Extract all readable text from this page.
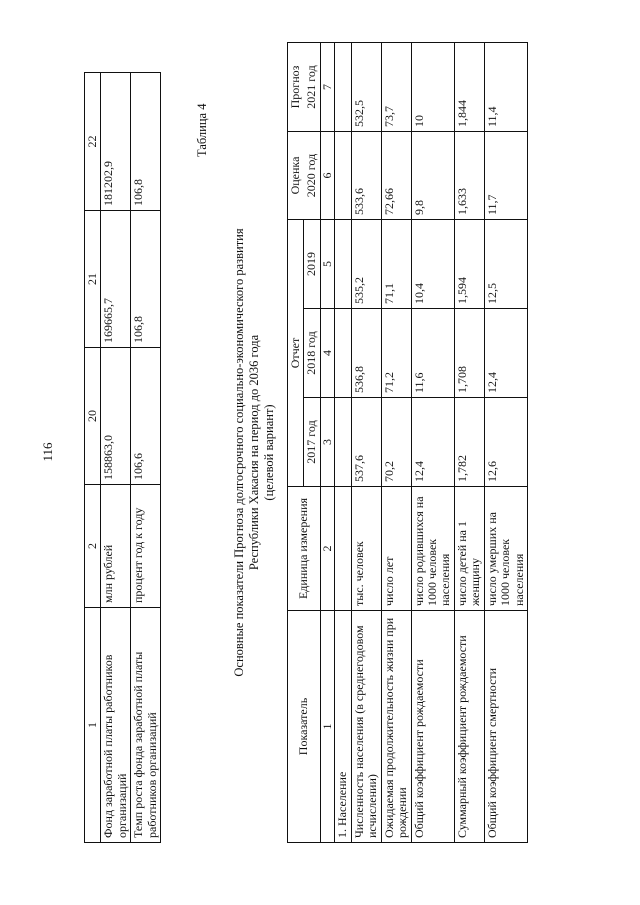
116
1	2	20	21	22
Фонд заработной платы работников организаций	млн рублей	158863,0	169665,7	181202,9
Темп роста фонда заработной платы работников организаций	процент год к году	106,6	106,8	106,8
Таблица 4
Основные показатели Прогноза долгосрочного социально-экономического развития Республики Хакасия на период до 2036 года (целевой вариант)
Показатель	Единица измерения	Отчет			Оценка	Прогноз
		2017 год	2018 год	2019	2020 год	2021 год
1	2	3	4	5	6	7
1. Население						
Численность населения (в среднегодовом исчислении)	тыс. человек	537,6	536,8	535,2	533,6	532,5
Ожидаемая продолжительность жизни при рождении	число лет	70,2	71,2	71,1	72,66	73,7
Общий коэффициент рождаемости	число родившихся на 1000 человек населения	12,4	11,6	10,4	9,8	10
Суммарный коэффициент рождаемости	число детей на 1 женщину	1,782	1,708	1,594	1,633	1,844
Общий коэффициент смертности	число умерших на 1000 человек населения	12,6	12,4	12,5	11,7	11,4
